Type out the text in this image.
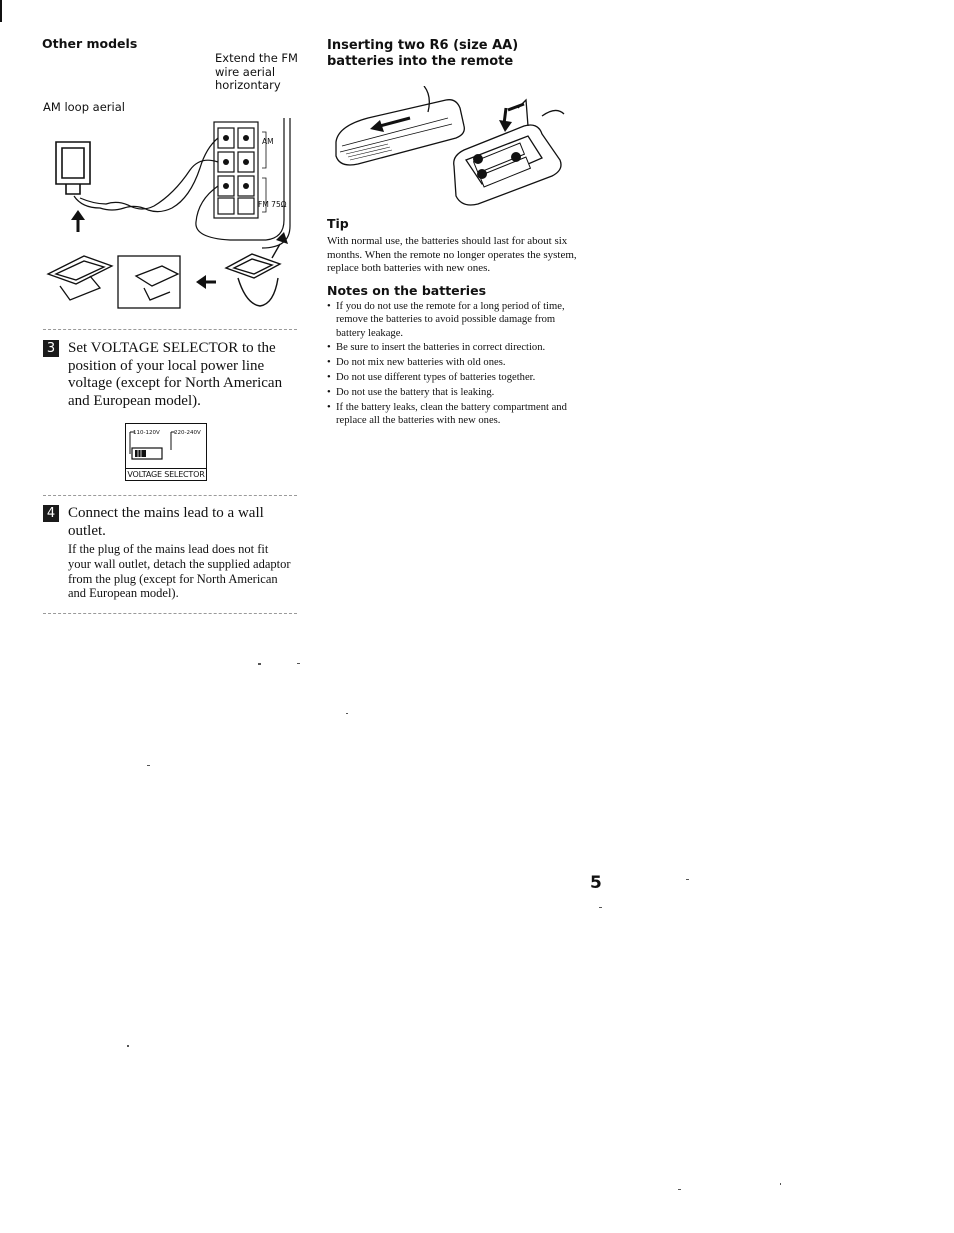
Other models
Extend the FM wire aerial horizontary
AM loop aerial
AM
FM 75Ω
3 Set VOLTAGE SELECTOR to the position of your local power line voltage (except for North American and European model).
110-120V	220-240V
VOLTAGE SELECTOR
4 Connect the mains lead to a wall outlet.
If the plug of the mains lead does not fit your wall outlet, detach the supplied adaptor from the plug (except for North American and European model).
Inserting two R6 (size AA) batteries into the remote
Tip
With normal use, the batteries should last for about six months. When the remote no longer operates the system, replace both batteries with new ones.
Notes on the batteries
• If you do not use the remote for a long period of time, remove the batteries to avoid possible damage from battery leakage.
• Be sure to insert the batteries in correct direction.
• Do not mix new batteries with old ones.
• Do not use different types of batteries together.
• Do not use the battery that is leaking.
• If the battery leaks, clean the battery compartment and replace all the batteries with new ones.
5
